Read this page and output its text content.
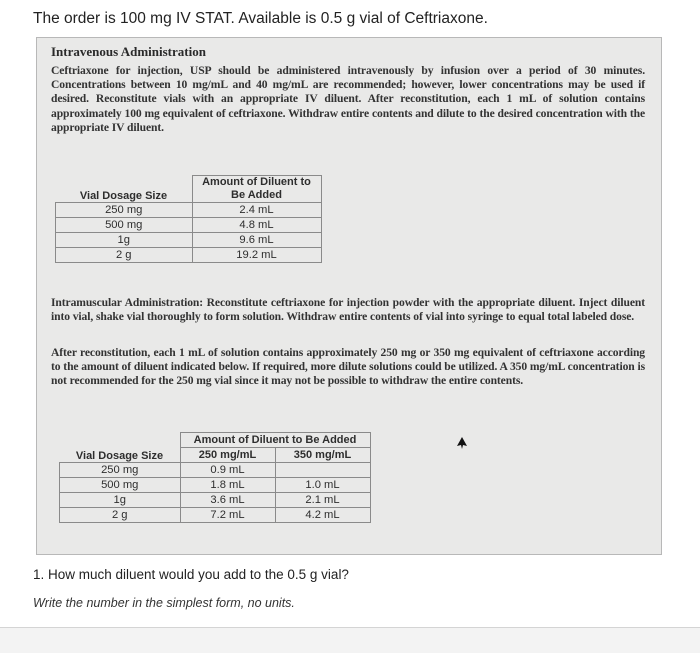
The order is 100 mg IV STAT. Available is 0.5 g vial of Ceftriaxone.
Intravenous Administration
Ceftriaxone for injection, USP should be administered intravenously by infusion over a period of 30 minutes. Concentrations between 10 mg/mL and 40 mg/mL are recommended; however, lower concentrations may be used if desired. Reconstitute vials with an appropriate IV diluent. After reconstitution, each 1 mL of solution contains approximately 100 mg equivalent of ceftriaxone. Withdraw entire contents and dilute to the desired concentration with the appropriate IV diluent.
Vial Dosage Size	Amount of Diluent to Be Added
250 mg	2.4 mL
500 mg	4.8 mL
1g	9.6 mL
2 g	19.2 mL
Intramuscular Administration: Reconstitute ceftriaxone for injection powder with the appropriate diluent. Inject diluent into vial, shake vial thoroughly to form solution. Withdraw entire contents of vial into syringe to equal total labeled dose.
After reconstitution, each 1 mL of solution contains approximately 250 mg or 350 mg equivalent of ceftriaxone according to the amount of diluent indicated below. If required, more dilute solutions could be utilized. A 350 mg/mL concentration is not recommended for the 250 mg vial since it may not be possible to withdraw the entire contents.
Vial Dosage Size	Amount of Diluent to Be Added	
	250 mg/mL	350 mg/mL
250 mg	0.9 mL	
500 mg	1.8 mL	1.0 mL
1g	3.6 mL	2.1 mL
2 g	7.2 mL	4.2 mL
1. How much diluent would you add to the 0.5 g vial?
Write the number in the simplest form, no units.
